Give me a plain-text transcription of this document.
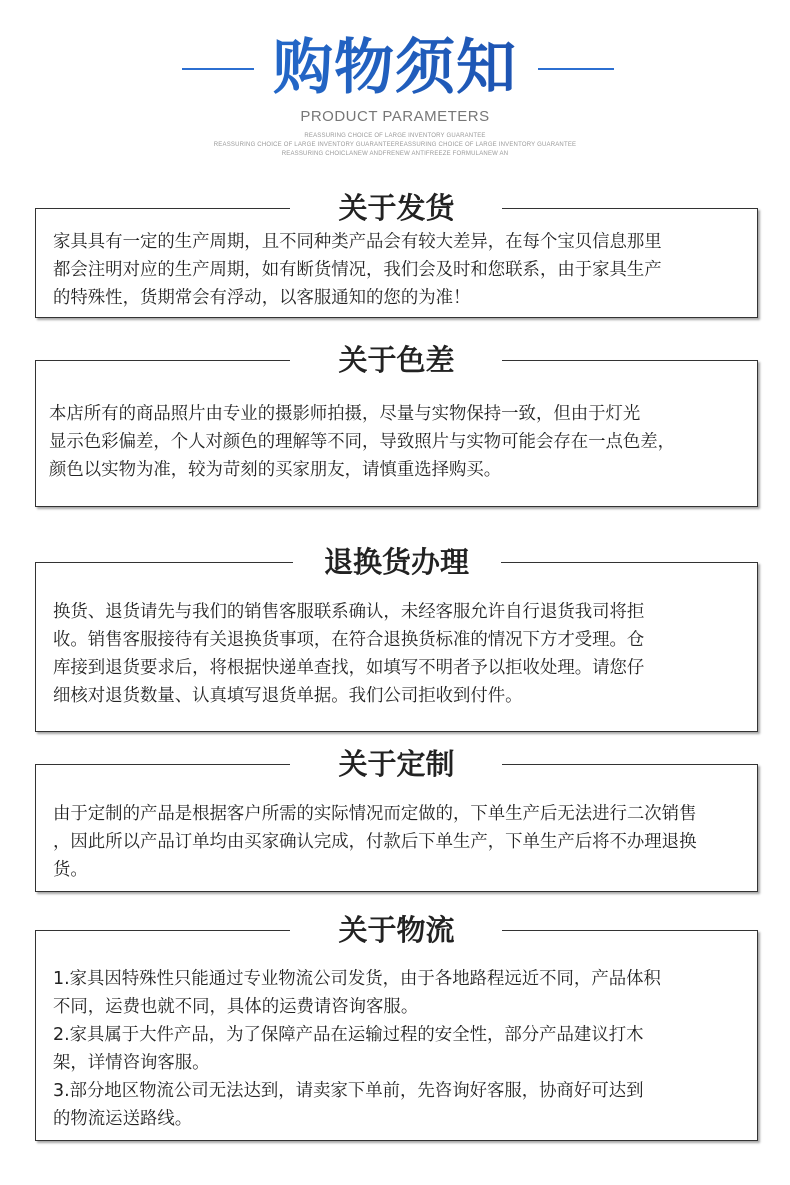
购物须知
PRODUCT PARAMETERS
REASSURING CHOICE OF LARGE INVENTORY GUARANTEE
REASSURING CHOICE OF LARGE INVENTORY GUARANTEEREASSURING CHOICE OF LARGE INVENTORY GUARANTEE
REASSURING CHOICLANEW ANDFRENEW ANTIFREEZE FORMULANEW AN
关于发货
家具具有一定的生产周期，且不同种类产品会有较大差异，在每个宝贝信息那里
都会注明对应的生产周期，如有断货情况，我们会及时和您联系，由于家具生产
的特殊性，货期常会有浮动，以客服通知的您的为准！
关于色差
本店所有的商品照片由专业的摄影师拍摄，尽量与实物保持一致，但由于灯光
显示色彩偏差，个人对颜色的理解等不同，导致照片与实物可能会存在一点色差，
颜色以实物为准，较为苛刻的买家朋友，请慎重选择购买。
退换货办理
换货、退货请先与我们的销售客服联系确认，未经客服允许自行退货我司将拒
收。销售客服接待有关退换货事项，在符合退换货标准的情况下方才受理。仓
库接到退货要求后，将根据快递单查找，如填写不明者予以拒收处理。请您仔
细核对退货数量、认真填写退货单据。我们公司拒收到付件。
关于定制
由于定制的产品是根据客户所需的实际情况而定做的，下单生产后无法进行二次销售
，因此所以产品订单均由买家确认完成，付款后下单生产，下单生产后将不办理退换
货。
关于物流
1.家具因特殊性只能通过专业物流公司发货，由于各地路程远近不同，产品体积
不同，运费也就不同，具体的运费请咨询客服。
2.家具属于大件产品，为了保障产品在运输过程的安全性，部分产品建议打木
架，详情咨询客服。
3.部分地区物流公司无法达到，请卖家下单前，先咨询好客服，协商好可达到
的物流运送路线。
